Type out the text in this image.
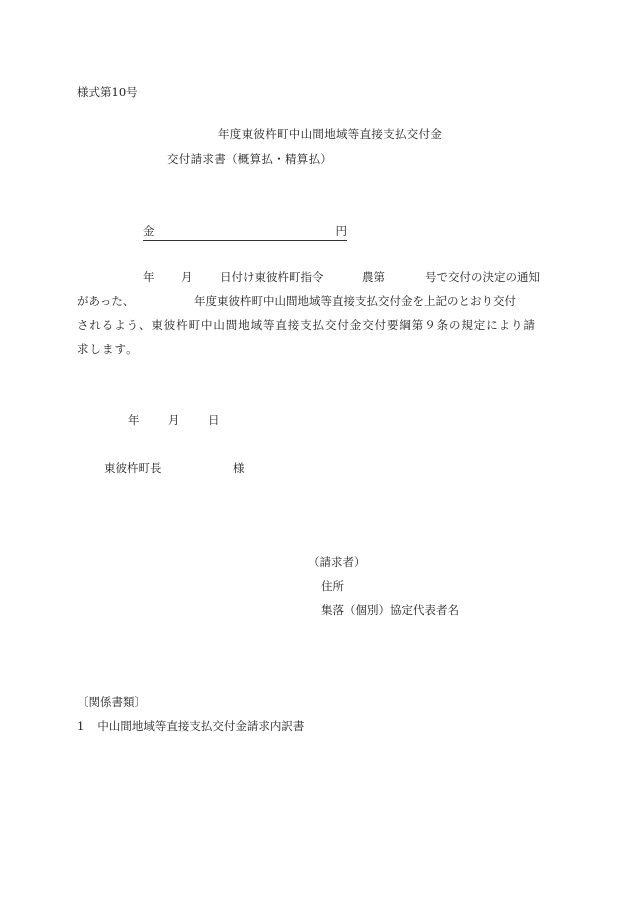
様式第10号
年度東彼杵町中山間地域等直接支払交付金
交付請求書（概算払・精算払）
金	円
年 月 日付け東彼杵町指令	農第	号で交付の決定の通知
があった、	年度東彼杵町中山間地域等直接支払交付金を上記のとおり交付
されるよう、東彼杵町中山間地域等直接支払交付金交付要綱第９条の規定により請
求します。
年 月 日
東彼杵町長	様
（請求者）
住所
集落（個別）協定代表者名
〔関係書類〕
1 中山間地域等直接支払交付金請求内訳書
